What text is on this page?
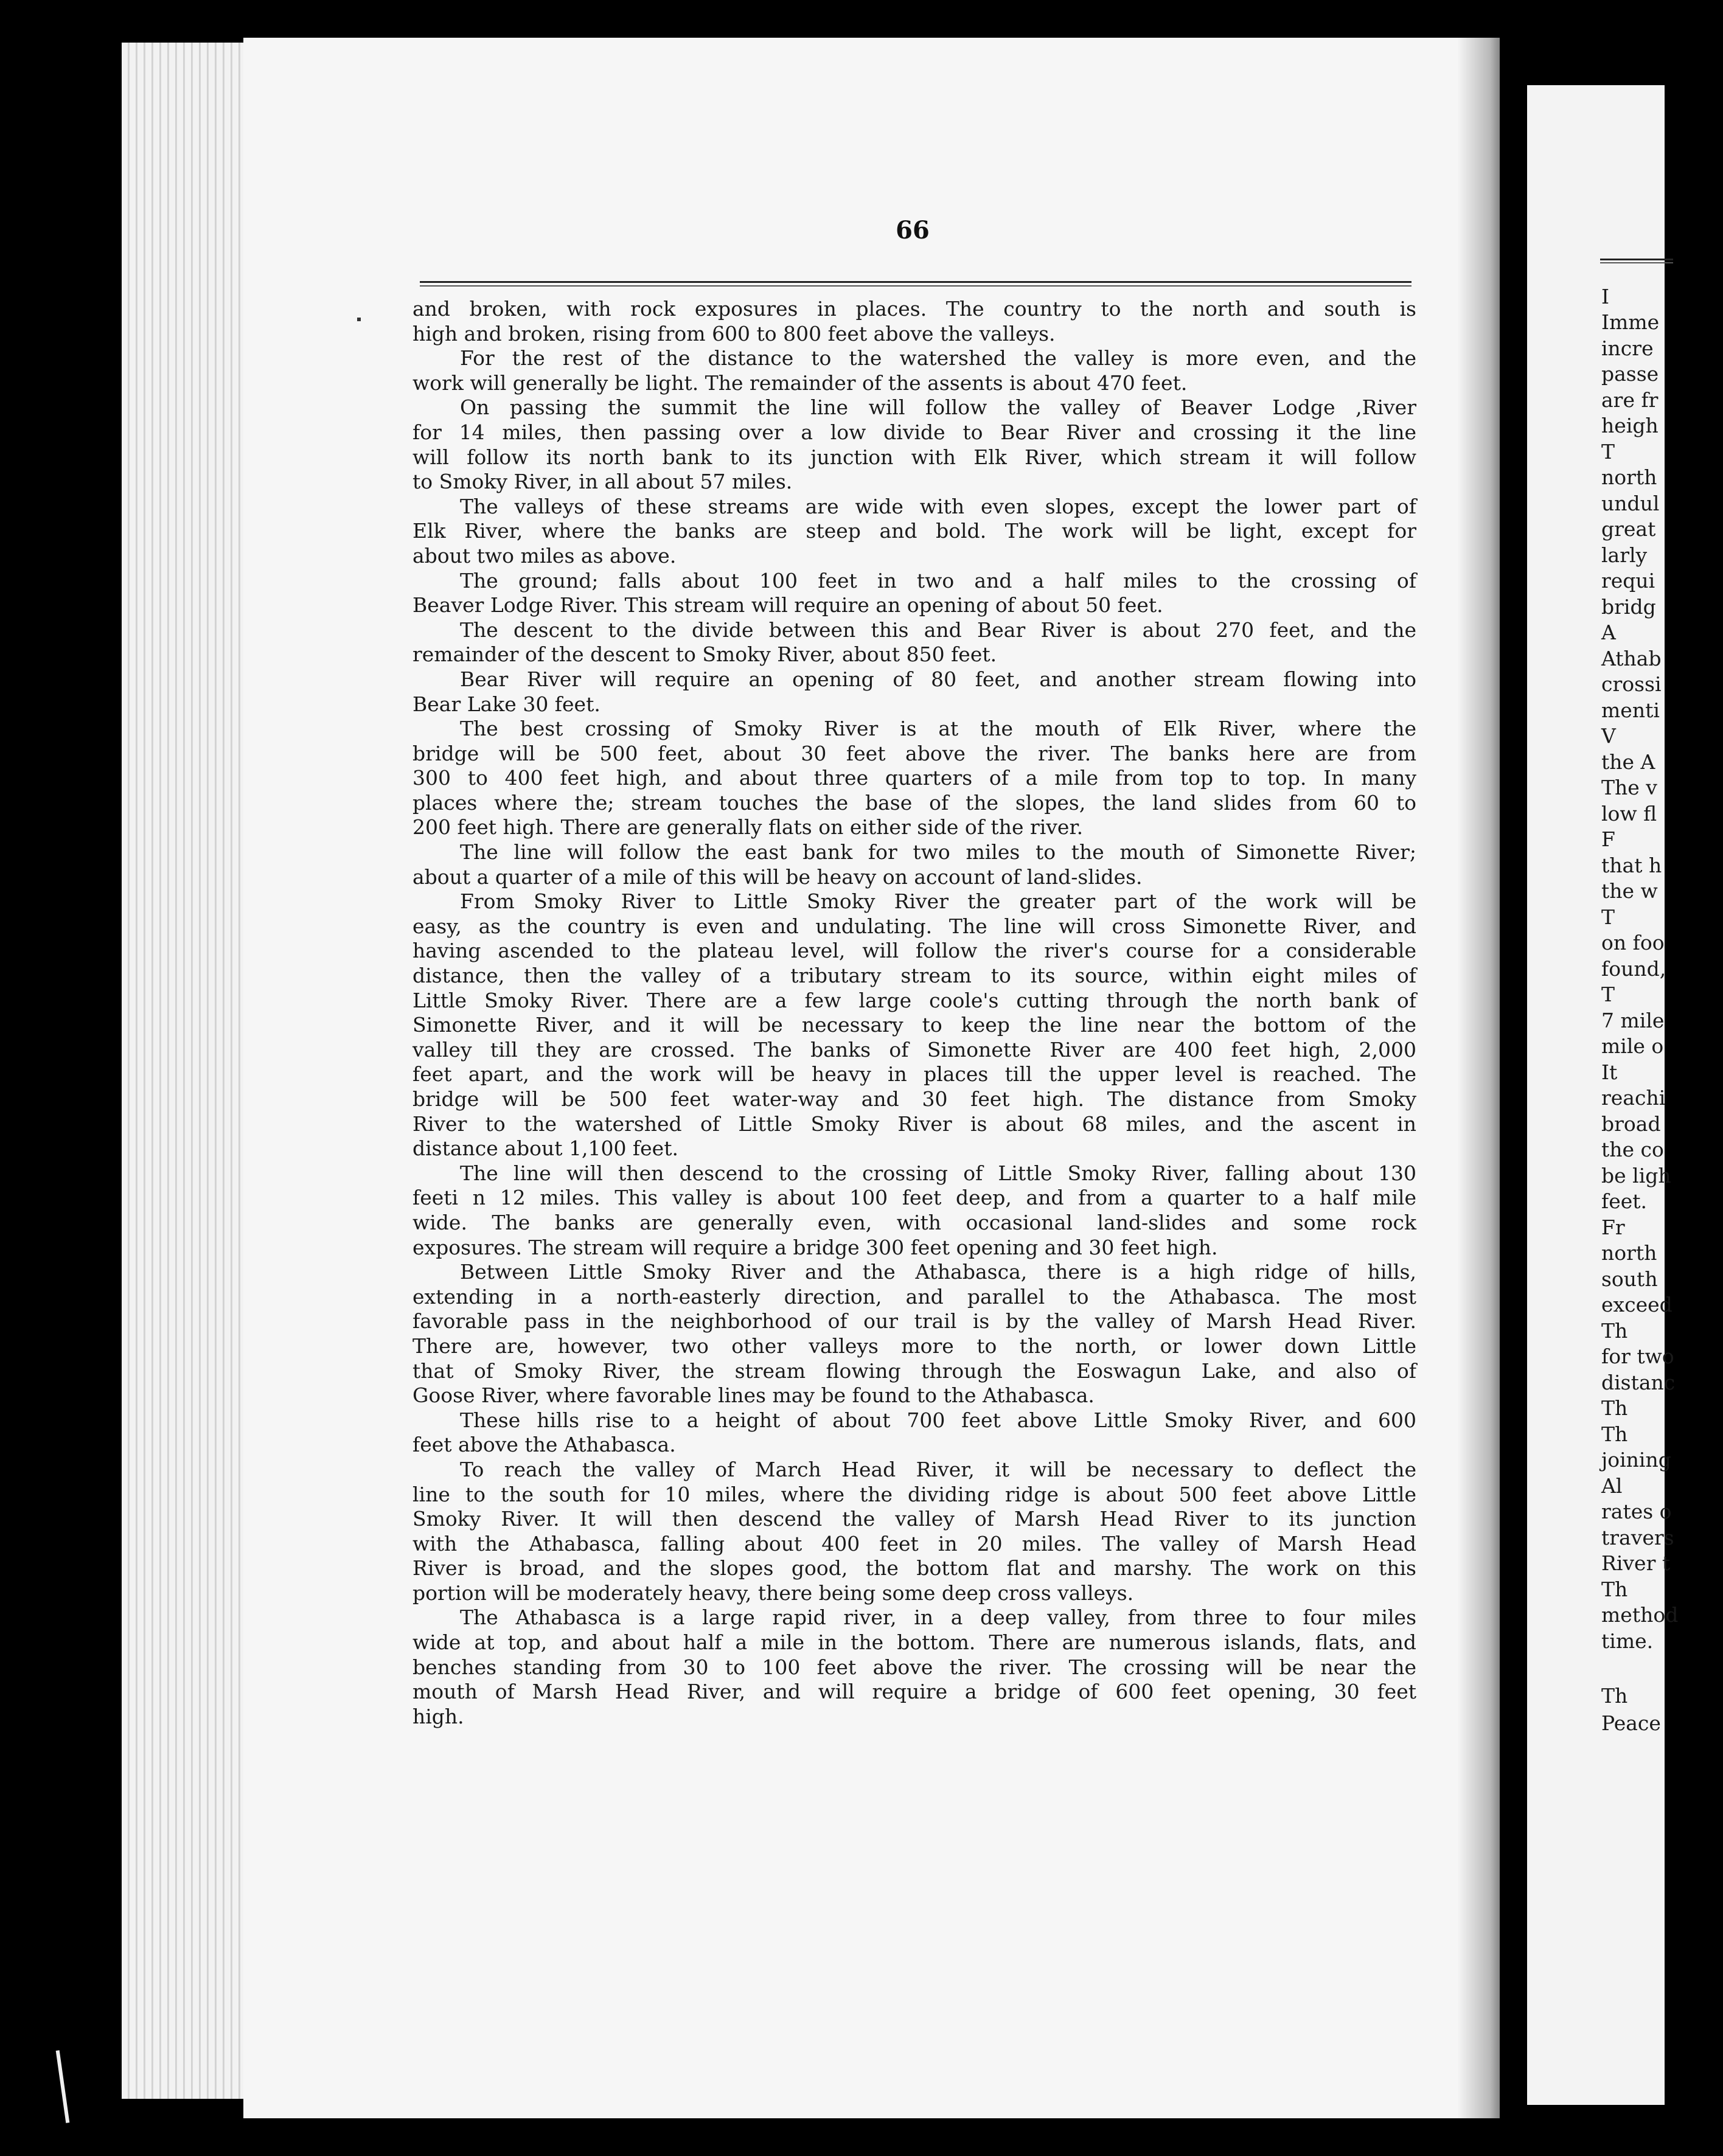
66
and broken, with rock exposures in places. The country to the north and south is
high and broken, rising from 600 to 800 feet above the valleys.
For the rest of the distance to the watershed the valley is more even, and the
work will generally be light. The remainder of the assents is about 470 feet.
On passing the summit the line will follow the valley of Beaver Lodge ,River
for 14 miles, then passing over a low divide to Bear River and crossing it the line
will follow its north bank to its junction with Elk River, which stream it will follow
to Smoky River, in all about 57 miles.
The valleys of these streams are wide with even slopes, except the lower part of
Elk River, where the banks are steep and bold. The work will be light, except for
about two miles as above.
The ground; falls about 100 feet in two and a half miles to the crossing of
Beaver Lodge River. This stream will require an opening of about 50 feet.
The descent to the divide between this and Bear River is about 270 feet, and the
remainder of the descent to Smoky River, about 850 feet.
Bear River will require an opening of 80 feet, and another stream flowing into
Bear Lake 30 feet.
The best crossing of Smoky River is at the mouth of Elk River, where the
bridge will be 500 feet, about 30 feet above the river. The banks here are from
300 to 400 feet high, and about three quarters of a mile from top to top. In many
places where the; stream touches the base of the slopes, the land slides from 60 to
200 feet high. There are generally flats on either side of the river.
The line will follow the east bank for two miles to the mouth of Simonette River;
about a quarter of a mile of this will be heavy on account of land-slides.
From Smoky River to Little Smoky River the greater part of the work will be
easy, as the country is even and undulating. The line will cross Simonette River, and
having ascended to the plateau level, will follow the river's course for a considerable
distance, then the valley of a tributary stream to its source, within eight miles of
Little Smoky River. There are a few large coole's cutting through the north bank of
Simonette River, and it will be necessary to keep the line near the bottom of the
valley till they are crossed. The banks of Simonette River are 400 feet high, 2,000
feet apart, and the work will be heavy in places till the upper level is reached. The
bridge will be 500 feet water-way and 30 feet high. The distance from Smoky
River to the watershed of Little Smoky River is about 68 miles, and the ascent in
distance about 1,100 feet.
The line will then descend to the crossing of Little Smoky River, falling about 130
feeti n 12 miles. This valley is about 100 feet deep, and from a quarter to a half mile
wide. The banks are generally even, with occasional land-slides and some rock
exposures. The stream will require a bridge 300 feet opening and 30 feet high.
Between Little Smoky River and the Athabasca, there is a high ridge of hills,
extending in a north-easterly direction, and parallel to the Athabasca. The most
favorable pass in the neighborhood of our trail is by the valley of Marsh Head River.
There are, however, two other valleys more to the north, or lower down Little
that of Smoky River, the stream flowing through the Eoswagun Lake, and also of
Goose River, where favorable lines may be found to the Athabasca.
These hills rise to a height of about 700 feet above Little Smoky River, and 600
feet above the Athabasca.
To reach the valley of March Head River, it will be necessary to deflect the
line to the south for 10 miles, where the dividing ridge is about 500 feet above Little
Smoky River. It will then descend the valley of Marsh Head River to its junction
with the Athabasca, falling about 400 feet in 20 miles. The valley of Marsh Head
River is broad, and the slopes good, the bottom flat and marshy. The work on this
portion will be moderately heavy, there being some deep cross valleys.
The Athabasca is a large rapid river, in a deep valley, from three to four miles
wide at top, and about half a mile in the bottom. There are numerous islands, flats, and
benches standing from 30 to 100 feet above the river. The crossing will be near the
mouth of Marsh Head River, and will require a bridge of 600 feet opening, 30 feet
high.
I
Imme
incre
passe
are fr
heigh
T
north
undul
great
larly
requi
bridg
A
Athab
crossi
menti
V
the A
The v
low fl
F
that h
the w
T
on foo
found,
T
7 mile
mile o
It
reachi
broad
the co
be ligh
feet.
Fr
north
south
exceed
Th
for two
distanc
Th
Th
joining
Al
rates o
travers
River t
Th
method
time.
Th
Peace
